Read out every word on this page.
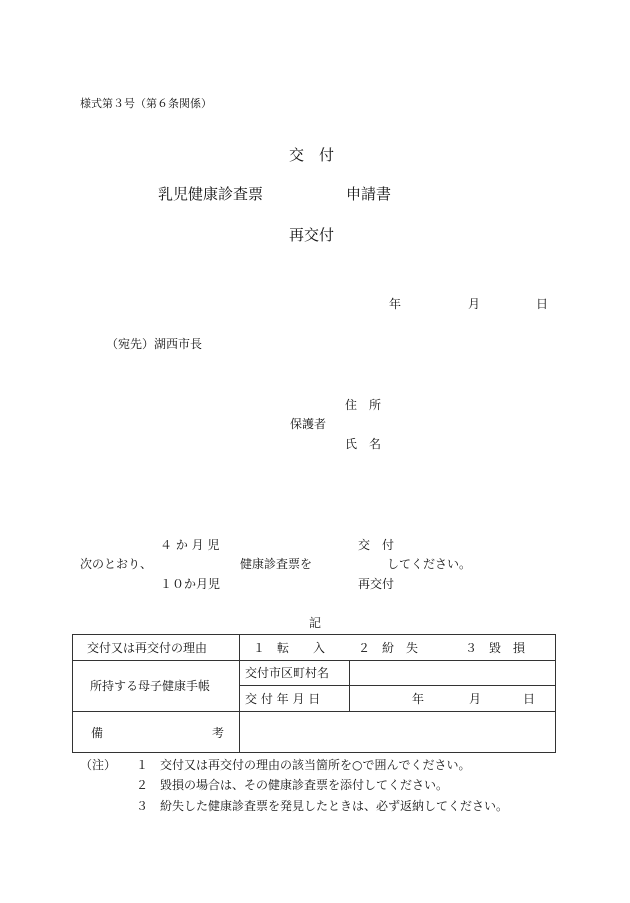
様式第３号（第６条関係）
交　付
乳児健康診査票	申請書
再交付
年	月	日
（宛先）湖西市長
住　所
保護者
氏　名
４ か 月 児	交　付
次のとおり、	健康診査票を	してください。
１０か月児	再交付
記
交付又は再交付の理由	１　転　　入	２　紛　失	３　毀　損
所持する母子健康手帳
交付市区町村名
交 付 年 月 日	年	月	日
備	考
（注） １ 交付又は再交付の理由の該当箇所を○で囲んでください。
２ 毀損の場合は、その健康診査票を添付してください。
３ 紛失した健康診査票を発見したときは、必ず返納してください。
